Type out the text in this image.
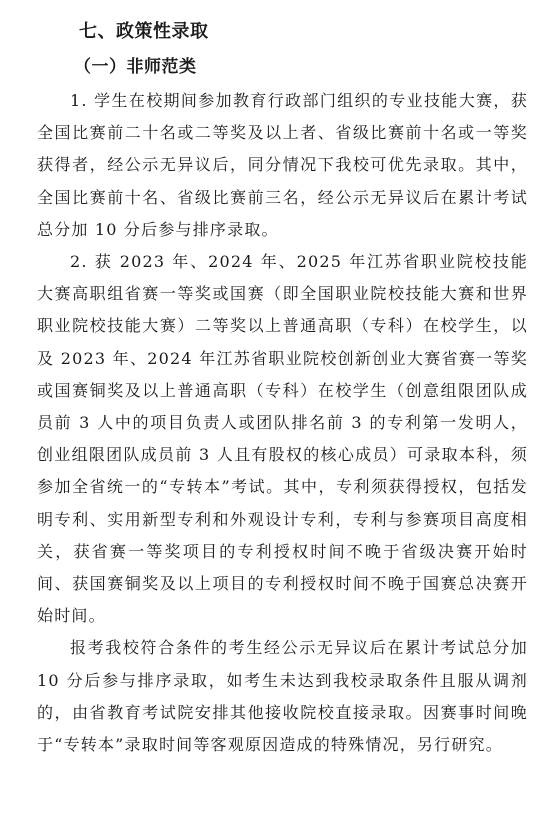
七、政策性录取
（一）非师范类

1. 学生在校期间参加教育行政部门组织的专业技能大赛，获全国比赛前二十名或二等奖及以上者、省级比赛前十名或一等奖获得者，经公示无异议后，同分情况下我校可优先录取。其中，全国比赛前十名、省级比赛前三名，经公示无异议后在累计考试总分加 10 分后参与排序录取。

2. 获 2023 年、2024 年、2025 年江苏省职业院校技能大赛高职组省赛一等奖或国赛（即全国职业院校技能大赛和世界职业院校技能大赛）二等奖以上普通高职（专科）在校学生，以及 2023 年、2024 年江苏省职业院校创新创业大赛省赛一等奖或国赛铜奖及以上普通高职（专科）在校学生（创意组限团队成员前 3 人中的项目负责人或团队排名前 3 的专利第一发明人，创业组限团队成员前 3 人且有股权的核心成员）可录取本科，须参加全省统一的“专转本”考试。其中，专利须获得授权，包括发明专利、实用新型专利和外观设计专利，专利与参赛项目高度相关，获省赛一等奖项目的专利授权时间不晚于省级决赛开始时间、获国赛铜奖及以上项目的专利授权时间不晚于国赛总决赛开始时间。

报考我校符合条件的考生经公示无异议后在累计考试总分加 10 分后参与排序录取，如考生未达到我校录取条件且服从调剂的，由省教育考试院安排其他接收院校直接录取。因赛事时间晚于“专转本”录取时间等客观原因造成的特殊情况，另行研究。
